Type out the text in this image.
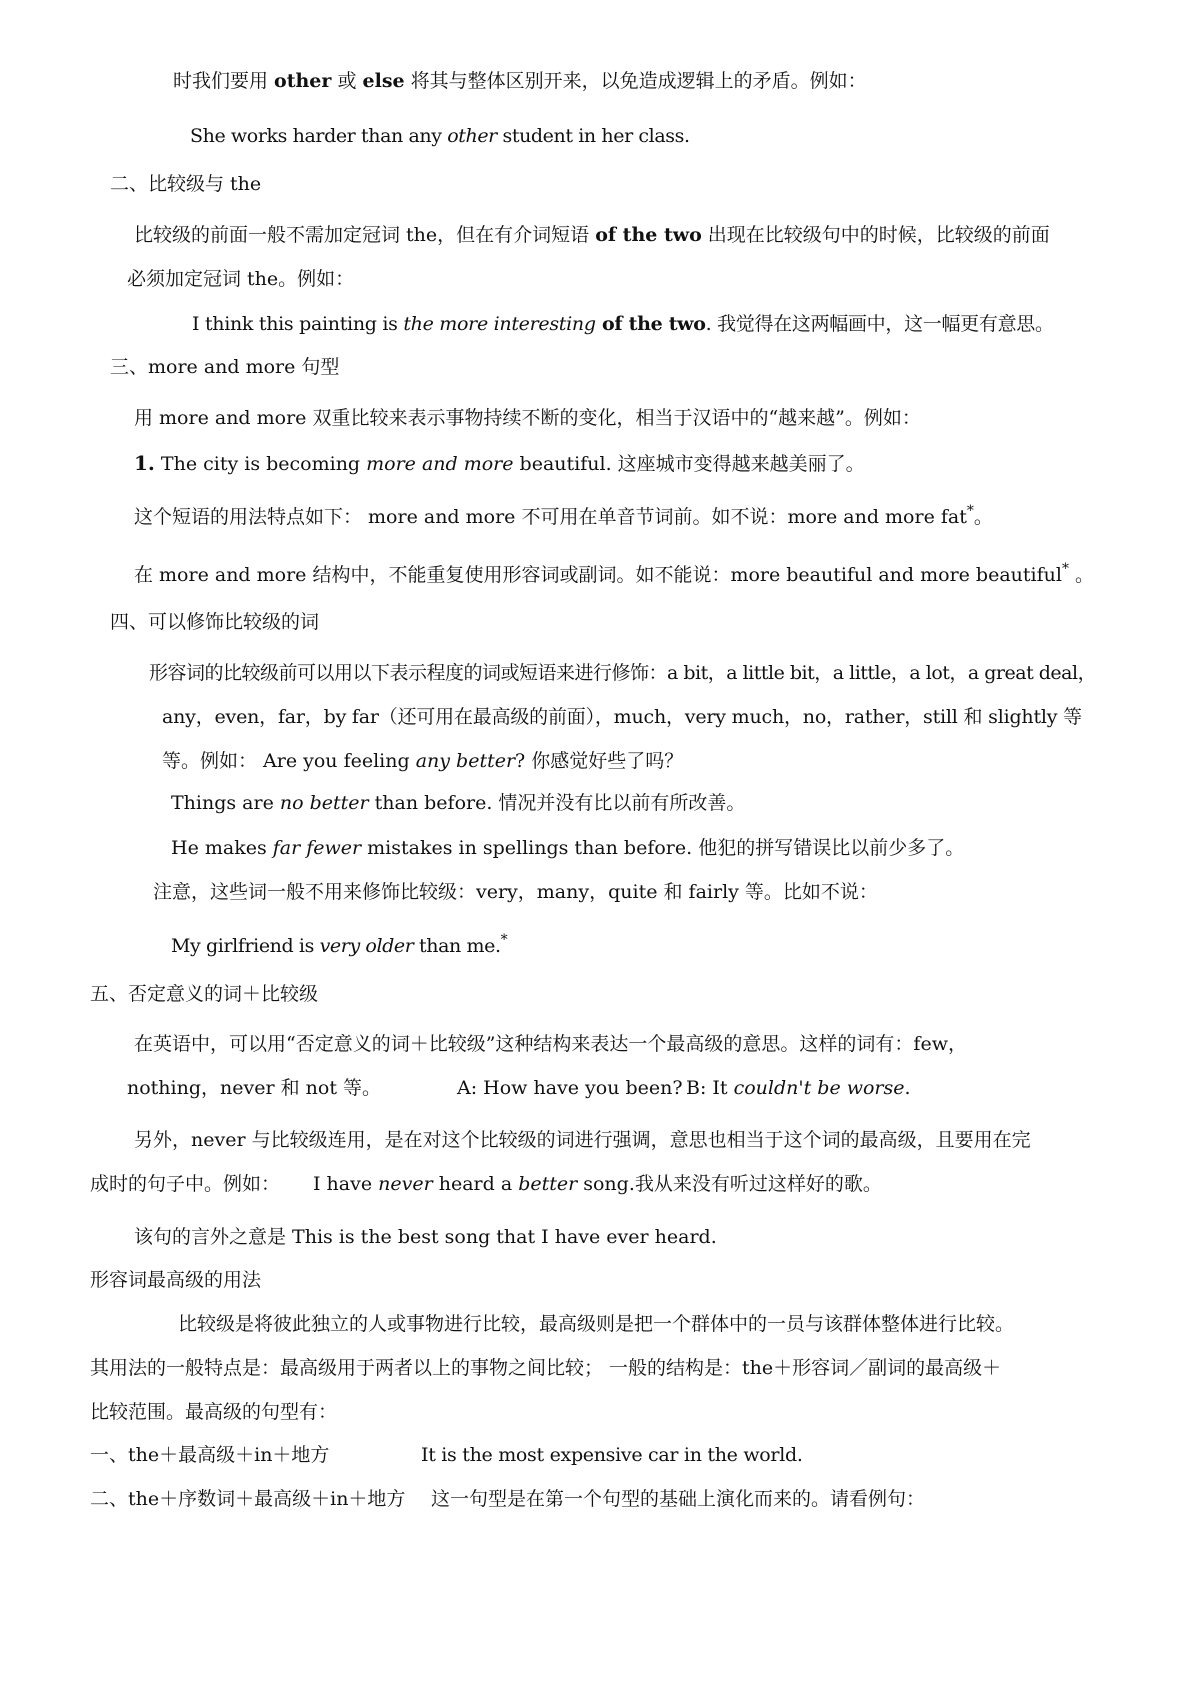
时我们要用 other 或 else 将其与整体区别开来，以免造成逻辑上的矛盾。例如：
She works harder than any other student in her class.
二、比较级与 the
比较级的前面一般不需加定冠词 the，但在有介词短语 of the two 出现在比较级句中的时候，比较级的前面
必须加定冠词 the。例如：
I think this painting is the more interesting of the two. 我觉得在这两幅画中，这一幅更有意思。
三、more and more 句型
用 more and more 双重比较来表示事物持续不断的变化，相当于汉语中的“越来越”。例如：
1. The city is becoming more and more beautiful. 这座城市变得越来越美丽了。
这个短语的用法特点如下： more and more 不可用在单音节词前。如不说：more and more fat*。
在 more and more 结构中，不能重复使用形容词或副词。如不能说：more beautiful and more beautiful* 。
四、可以修饰比较级的词
形容词的比较级前可以用以下表示程度的词或短语来进行修饰：a bit，a little bit，a little，a lot，a great deal，
any，even，far，by far（还可用在最高级的前面），much，very much，no，rather，still 和 slightly 等
等。例如： Are you feeling any better? 你感觉好些了吗？
Things are no better than before. 情况并没有比以前有所改善。
He makes far fewer mistakes in spellings than before. 他犯的拼写错误比以前少多了。
注意，这些词一般不用来修饰比较级：very，many，quite 和 fairly 等。比如不说：
My girlfriend is very older than me.*
五、否定意义的词＋比较级
在英语中，可以用“否定意义的词＋比较级”这种结构来表达一个最高级的意思。这样的词有：few，
nothing，never 和 not 等。	A: How have you been? B: It couldn't be worse.
另外，never 与比较级连用，是在对这个比较级的词进行强调，意思也相当于这个词的最高级，且要用在完
成时的句子中。例如： I have never heard a better song.我从来没有听过这样好的歌。
该句的言外之意是 This is the best song that I have ever heard.
形容词最高级的用法
比较级是将彼此独立的人或事物进行比较，最高级则是把一个群体中的一员与该群体整体进行比较。
其用法的一般特点是：最高级用于两者以上的事物之间比较； 一般的结构是：the＋形容词／副词的最高级＋
比较范围。最高级的句型有：
一、the＋最高级＋in＋地方	It is the most expensive car in the world.
二、the＋序数词＋最高级＋in＋地方 这一句型是在第一个句型的基础上演化而来的。请看例句：
